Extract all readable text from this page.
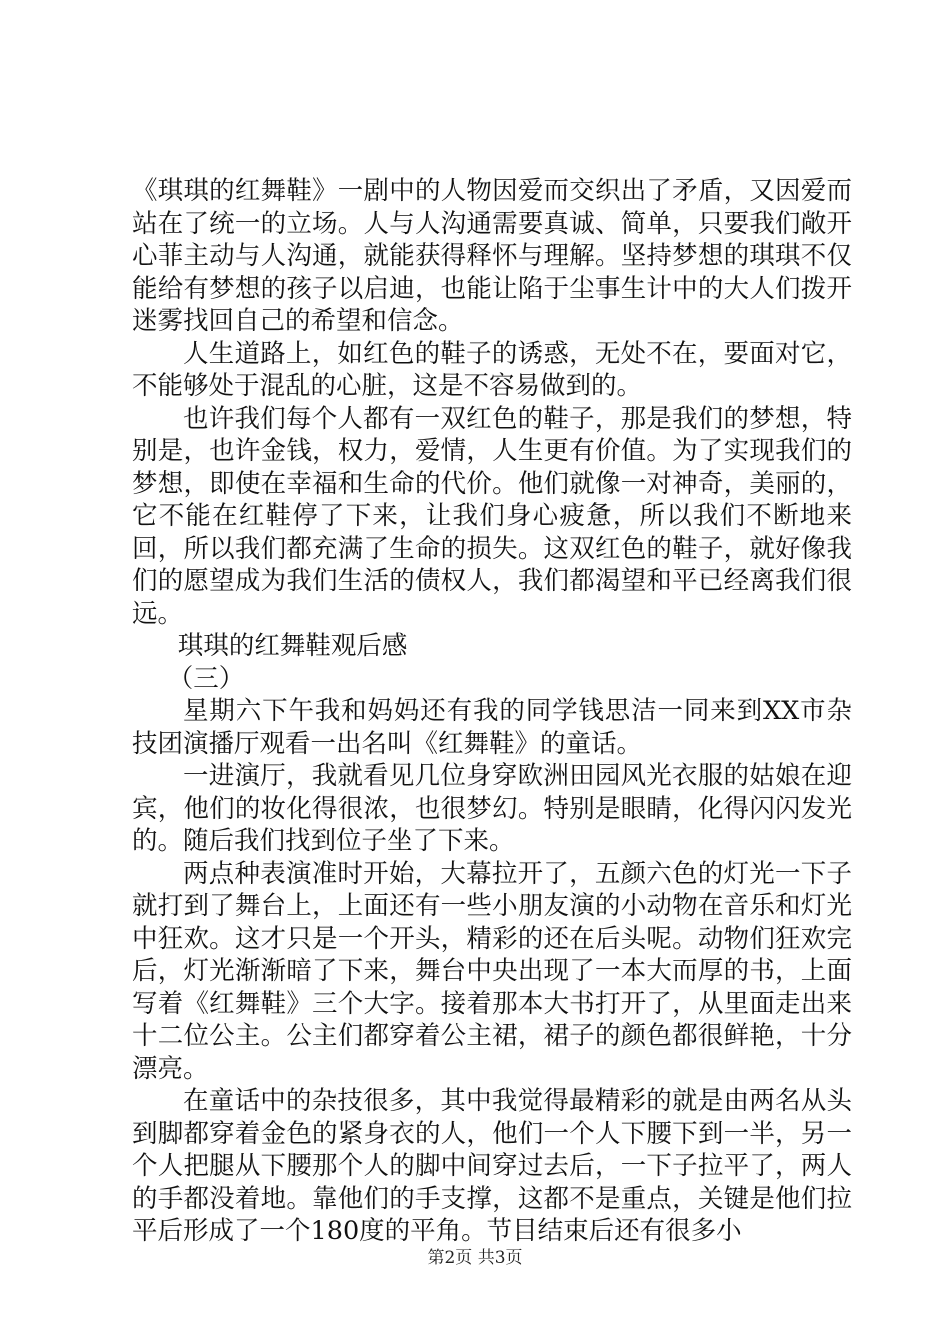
《琪琪的红舞鞋》一剧中的人物因爱而交织出了矛盾，又因爱而站在了统一的立场。人与人沟通需要真诚、简单，只要我们敞开心菲主动与人沟通，就能获得释怀与理解。坚持梦想的琪琪不仅能给有梦想的孩子以启迪，也能让陷于尘事生计中的大人们拨开迷雾找回自己的希望和信念。

人生道路上，如红色的鞋子的诱惑，无处不在，要面对它，不能够处于混乱的心脏，这是不容易做到的。

也许我们每个人都有一双红色的鞋子，那是我们的梦想，特别是，也许金钱，权力，爱情，人生更有价值。为了实现我们的梦想，即使在幸福和生命的代价。他们就像一对神奇，美丽的，它不能在红鞋停了下来，让我们身心疲惫，所以我们不断地来回，所以我们都充满了生命的损失。这双红色的鞋子，就好像我们的愿望成为我们生活的债权人，我们都渴望和平已经离我们很远。

琪琪的红舞鞋观后感

（三）

星期六下午我和妈妈还有我的同学钱思洁一同来到XX市杂技团演播厅观看一出名叫《红舞鞋》的童话。

一进演厅，我就看见几位身穿欧洲田园风光衣服的姑娘在迎宾，他们的妆化得很浓，也很梦幻。特别是眼睛，化得闪闪发光的。随后我们找到位子坐了下来。

两点种表演准时开始，大幕拉开了，五颜六色的灯光一下子就打到了舞台上，上面还有一些小朋友演的小动物在音乐和灯光中狂欢。这才只是一个开头，精彩的还在后头呢。动物们狂欢完后，灯光渐渐暗了下来，舞台中央出现了一本大而厚的书，上面写着《红舞鞋》三个大字。接着那本大书打开了，从里面走出来十二位公主。公主们都穿着公主裙，裙子的颜色都很鲜艳，十分漂亮。

在童话中的杂技很多，其中我觉得最精彩的就是由两名从头到脚都穿着金色的紧身衣的人，他们一个人下腰下到一半，另一个人把腿从下腰那个人的脚中间穿过去后，一下子拉平了，两人的手都没着地。靠他们的手支撑，这都不是重点，关键是他们拉平后形成了一个180度的平角。节目结束后还有很多小

第2页 共3页
